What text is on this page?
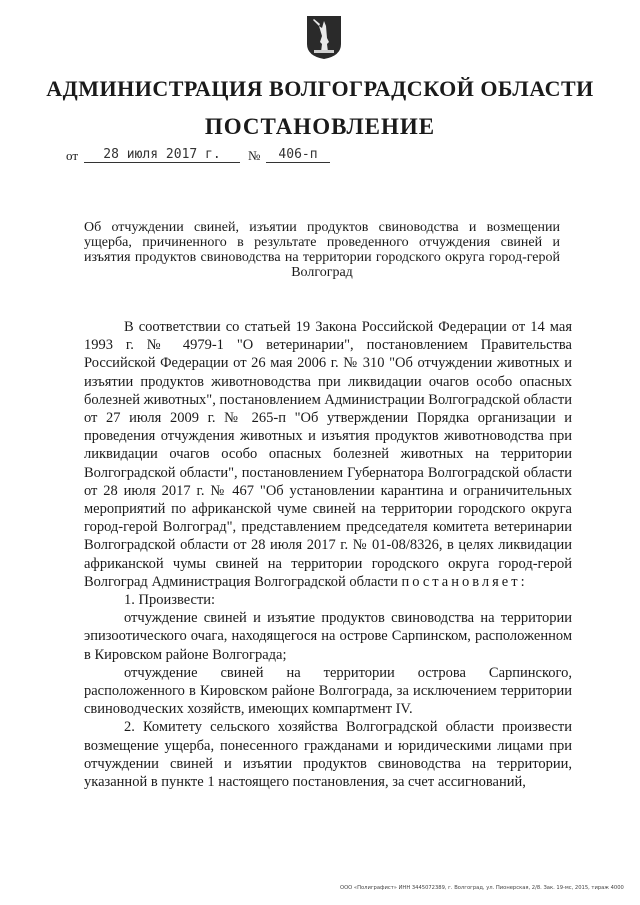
АДМИНИСТРАЦИЯ ВОЛГОГРАДСКОЙ ОБЛАСТИ
ПОСТАНОВЛЕНИЕ
от	28 июля 2017 г.	№	406-п
Об отчуждении свиней, изъятии продуктов свиноводства и возмещении ущерба, причиненного в результате проведенного отчуждения свиней и изъятия продуктов свиноводства на территории городского округа город-герой Волгоград

В соответствии со статьей 19 Закона Российской Федерации от 14 мая 1993 г. № 4979-1 "О ветеринарии", постановлением Правительства Российской Федерации от 26 мая 2006 г. № 310 "Об отчуждении животных и изъятии продуктов животноводства при ликвидации очагов особо опасных болезней животных", постановлением Администрации Волгоградской области от 27 июля 2009 г. № 265-п "Об утверждении Порядка организации и проведения отчуждения животных и изъятия продуктов животноводства при ликвидации очагов особо опасных болезней животных на территории Волгоградской области", постановлением Губернатора Волгоградской области от 28 июля 2017 г. № 467 "Об установлении карантина и ограничительных мероприятий по африканской чуме свиней на территории городского округа город-герой Волгоград", представлением председателя комитета ветеринарии Волгоградской области от 28 июля 2017 г. № 01-08/8326, в целях ликвидации африканской чумы свиней на территории городского округа город-герой Волгоград Администрация Волгоградской области постановляет:

1. Произвести:

отчуждение свиней и изъятие продуктов свиноводства на территории эпизоотического очага, находящегося на острове Сарпинском, расположенном в Кировском районе Волгограда;

отчуждение свиней на территории острова Сарпинского, расположенного в Кировском районе Волгограда, за исключением территории свиноводческих хозяйств, имеющих компартмент IV.

2. Комитету сельского хозяйства Волгоградской области произвести возмещение ущерба, понесенного гражданами и юридическими лицами при отчуждении свиней и изъятии продуктов свиноводства на территории, указанной в пункте 1 настоящего постановления, за счет ассигнований,

ООО «Полиграфист» ИНН 3445072389, г. Волгоград, ул. Пионерская, 2/8. Зак. 19-мс, 2015, тираж 4000
